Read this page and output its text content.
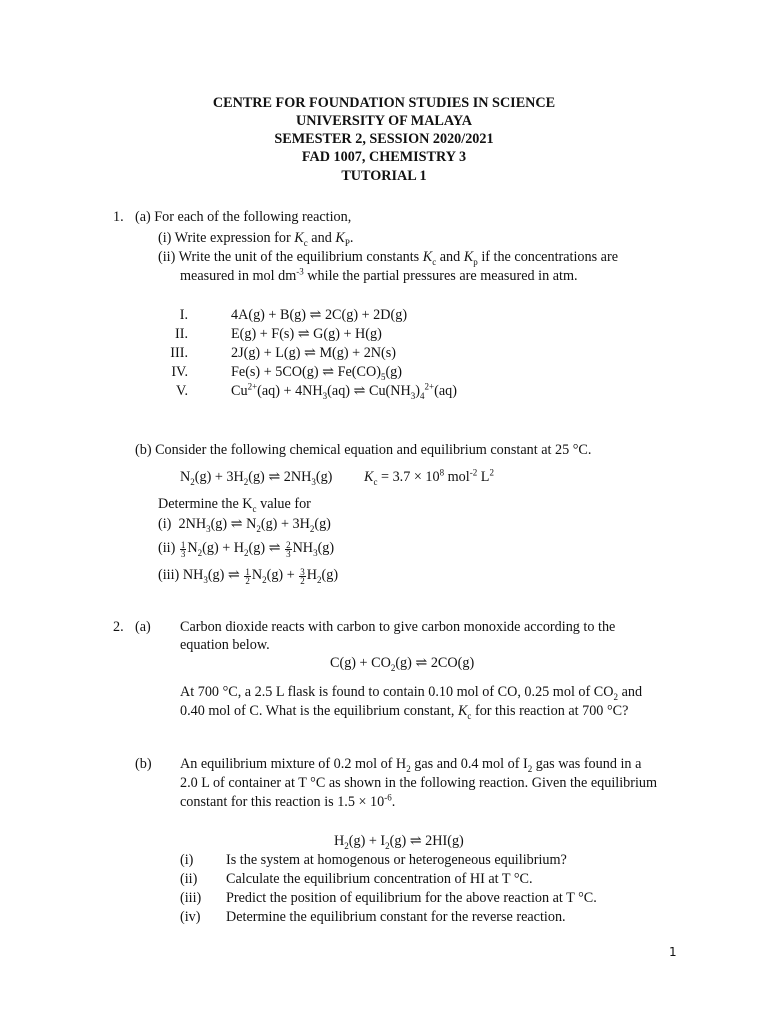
CENTRE FOR FOUNDATION STUDIES IN SCIENCE
UNIVERSITY OF MALAYA
SEMESTER 2, SESSION 2020/2021
FAD 1007, CHEMISTRY 3
TUTORIAL 1
1. (a) For each of the following reaction,
(i) Write expression for $K_c$ and $K_P$.
(ii) Write the unit of the equilibrium constants $K_c$ and $K_p$ if the concentrations are
measured in mol $dm^{-3}$ while the partial pressures are measured in atm.
I.	4A(g) + B(g) ⇌ 2C(g) + 2D(g)
II.	E(g) + F(s) ⇌ G(g) + H(g)
III.	2J(g) + L(g) ⇌ M(g) + 2N(s)
IV.	Fe(s) + 5CO(g) ⇌ $Fe(CO)_5(g)$
V.	$Cu^{2+}(aq) + 4NH_3(aq)$ ⇌ $Cu(NH_3)_4^{2+}(aq)$
(b) Consider the following chemical equation and equilibrium constant at 25 °C.
$N_2(g) + 3H_2(g)$ ⇌ $2NH_3(g) K_c = 3.7 \times 10^8$ mol$^{-2}$ $L^2$
Determine the $K_c$ value for
(i)  $2NH_3(g)$ ⇌ $N_2(g) + 3H_2(g)$
$(ii) \frac{1}{3} N_2(g) + H_2(g)$ ⇌ $\frac{2}{3} NH_3(g)$
(iii) $NH_3(g)$ ⇌ $\frac{1}{2} N_2(g) + \frac{3}{2} H_2(g)$
2. (a) Carbon dioxide reacts with carbon to give carbon monoxide according to the
equation below.
$C(g) + CO_2(g)$ ⇌ 2CO(g)
At 700 °C, a 2.5 L flask is found to contain 0.10 mol of CO, 0.25 mol of $CO_2$ and
0.40 mol of C. What is the equilibrium constant, $K_c$ for this reaction at 700 °C?
(b) An equilibrium mixture of 0.2 mol of $H_2$ gas and 0.4 mol of $I_2$ gas was found in a
2.0 L of container at T °C as shown in the following reaction. Given the equilibrium
constant for this reaction is $1.5 \times 10^{-6}$.
$H_2(g) + I_2(g)$ ⇌ 2HI(g)
(i) Is the system at homogenous or heterogeneous equilibrium?
(ii) Calculate the equilibrium concentration of HI at T °C.
(iii) Predict the position of equilibrium for the above reaction at T °C.
(iv) Determine the equilibrium constant for the reverse reaction.
1
